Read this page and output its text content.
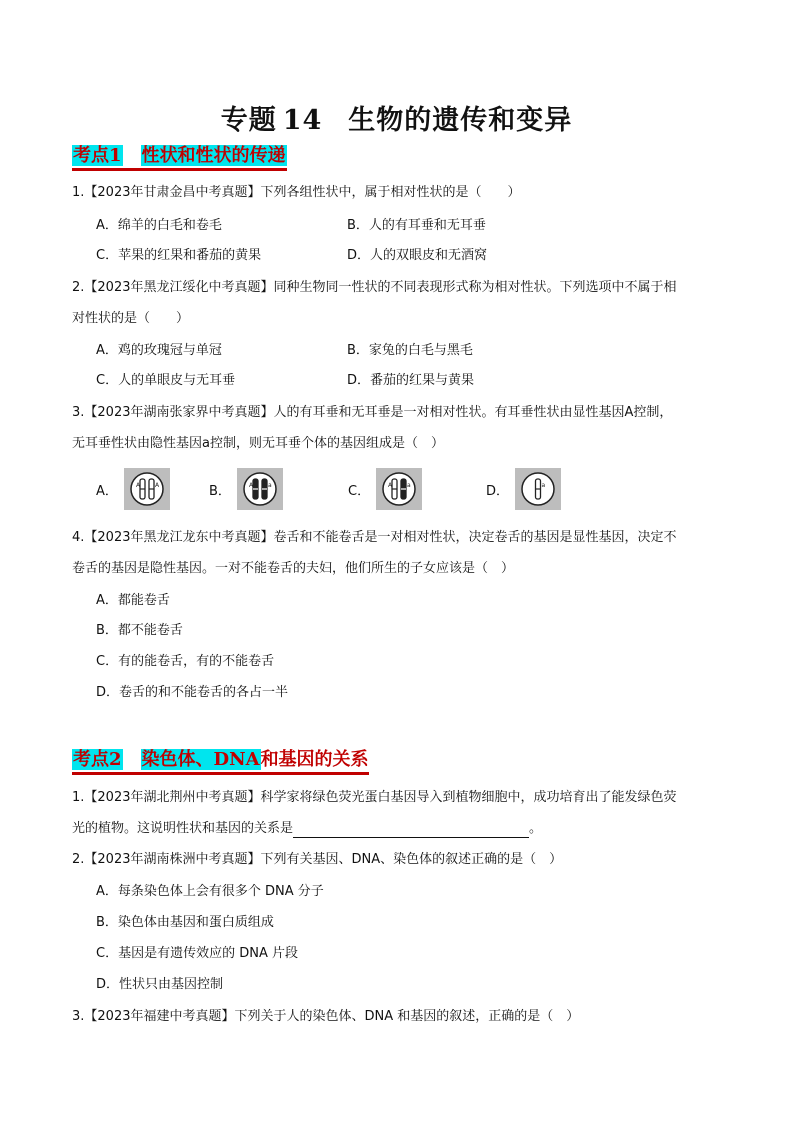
专题 14 生物的遗传和变异
考点1 性状和性状的传递
1.【2023年甘肃金昌中考真题】下列各组性状中，属于相对性状的是（　　）
A．绵羊的白毛和卷毛	B．人的有耳垂和无耳垂
C．苹果的红果和番茄的黄果	D．人的双眼皮和无酒窝
2.【2023年黑龙江绥化中考真题】同种生物同一性状的不同表现形式称为相对性状。下列选项中不属于相
对性状的是（　　）
A．鸡的玫瑰冠与单冠	B．家兔的白毛与黑毛
C．人的单眼皮与无耳垂	D．番茄的红果与黄果
3.【2023年湖南张家界中考真题】人的有耳垂和无耳垂是一对相对性状。有耳垂性状由显性基因A控制，
无耳垂性状由隐性基因a控制，则无耳垂个体的基因组成是（　）
A．	A A	B．	A a	C．	A a	D．	a
4.【2023年黑龙江龙东中考真题】卷舌和不能卷舌是一对相对性状，决定卷舌的基因是显性基因，决定不
卷舌的基因是隐性基因。一对不能卷舌的夫妇，他们所生的子女应该是（　）
A．都能卷舌
B．都不能卷舌
C．有的能卷舌，有的不能卷舌
D．卷舌的和不能卷舌的各占一半
考点2 染色体、DNA和基因的关系
1.【2023年湖北荆州中考真题】科学家将绿色荧光蛋白基因导入到植物细胞中，成功培育出了能发绿色荧
光的植物。这说明性状和基因的关系是	。
2.【2023年湖南株洲中考真题】下列有关基因、DNA、染色体的叙述正确的是（　）
A．每条染色体上会有很多个 DNA 分子
B．染色体由基因和蛋白质组成
C．基因是有遗传效应的 DNA 片段
D．性状只由基因控制
3.【2023年福建中考真题】下列关于人的染色体、DNA 和基因的叙述，正确的是（　）
